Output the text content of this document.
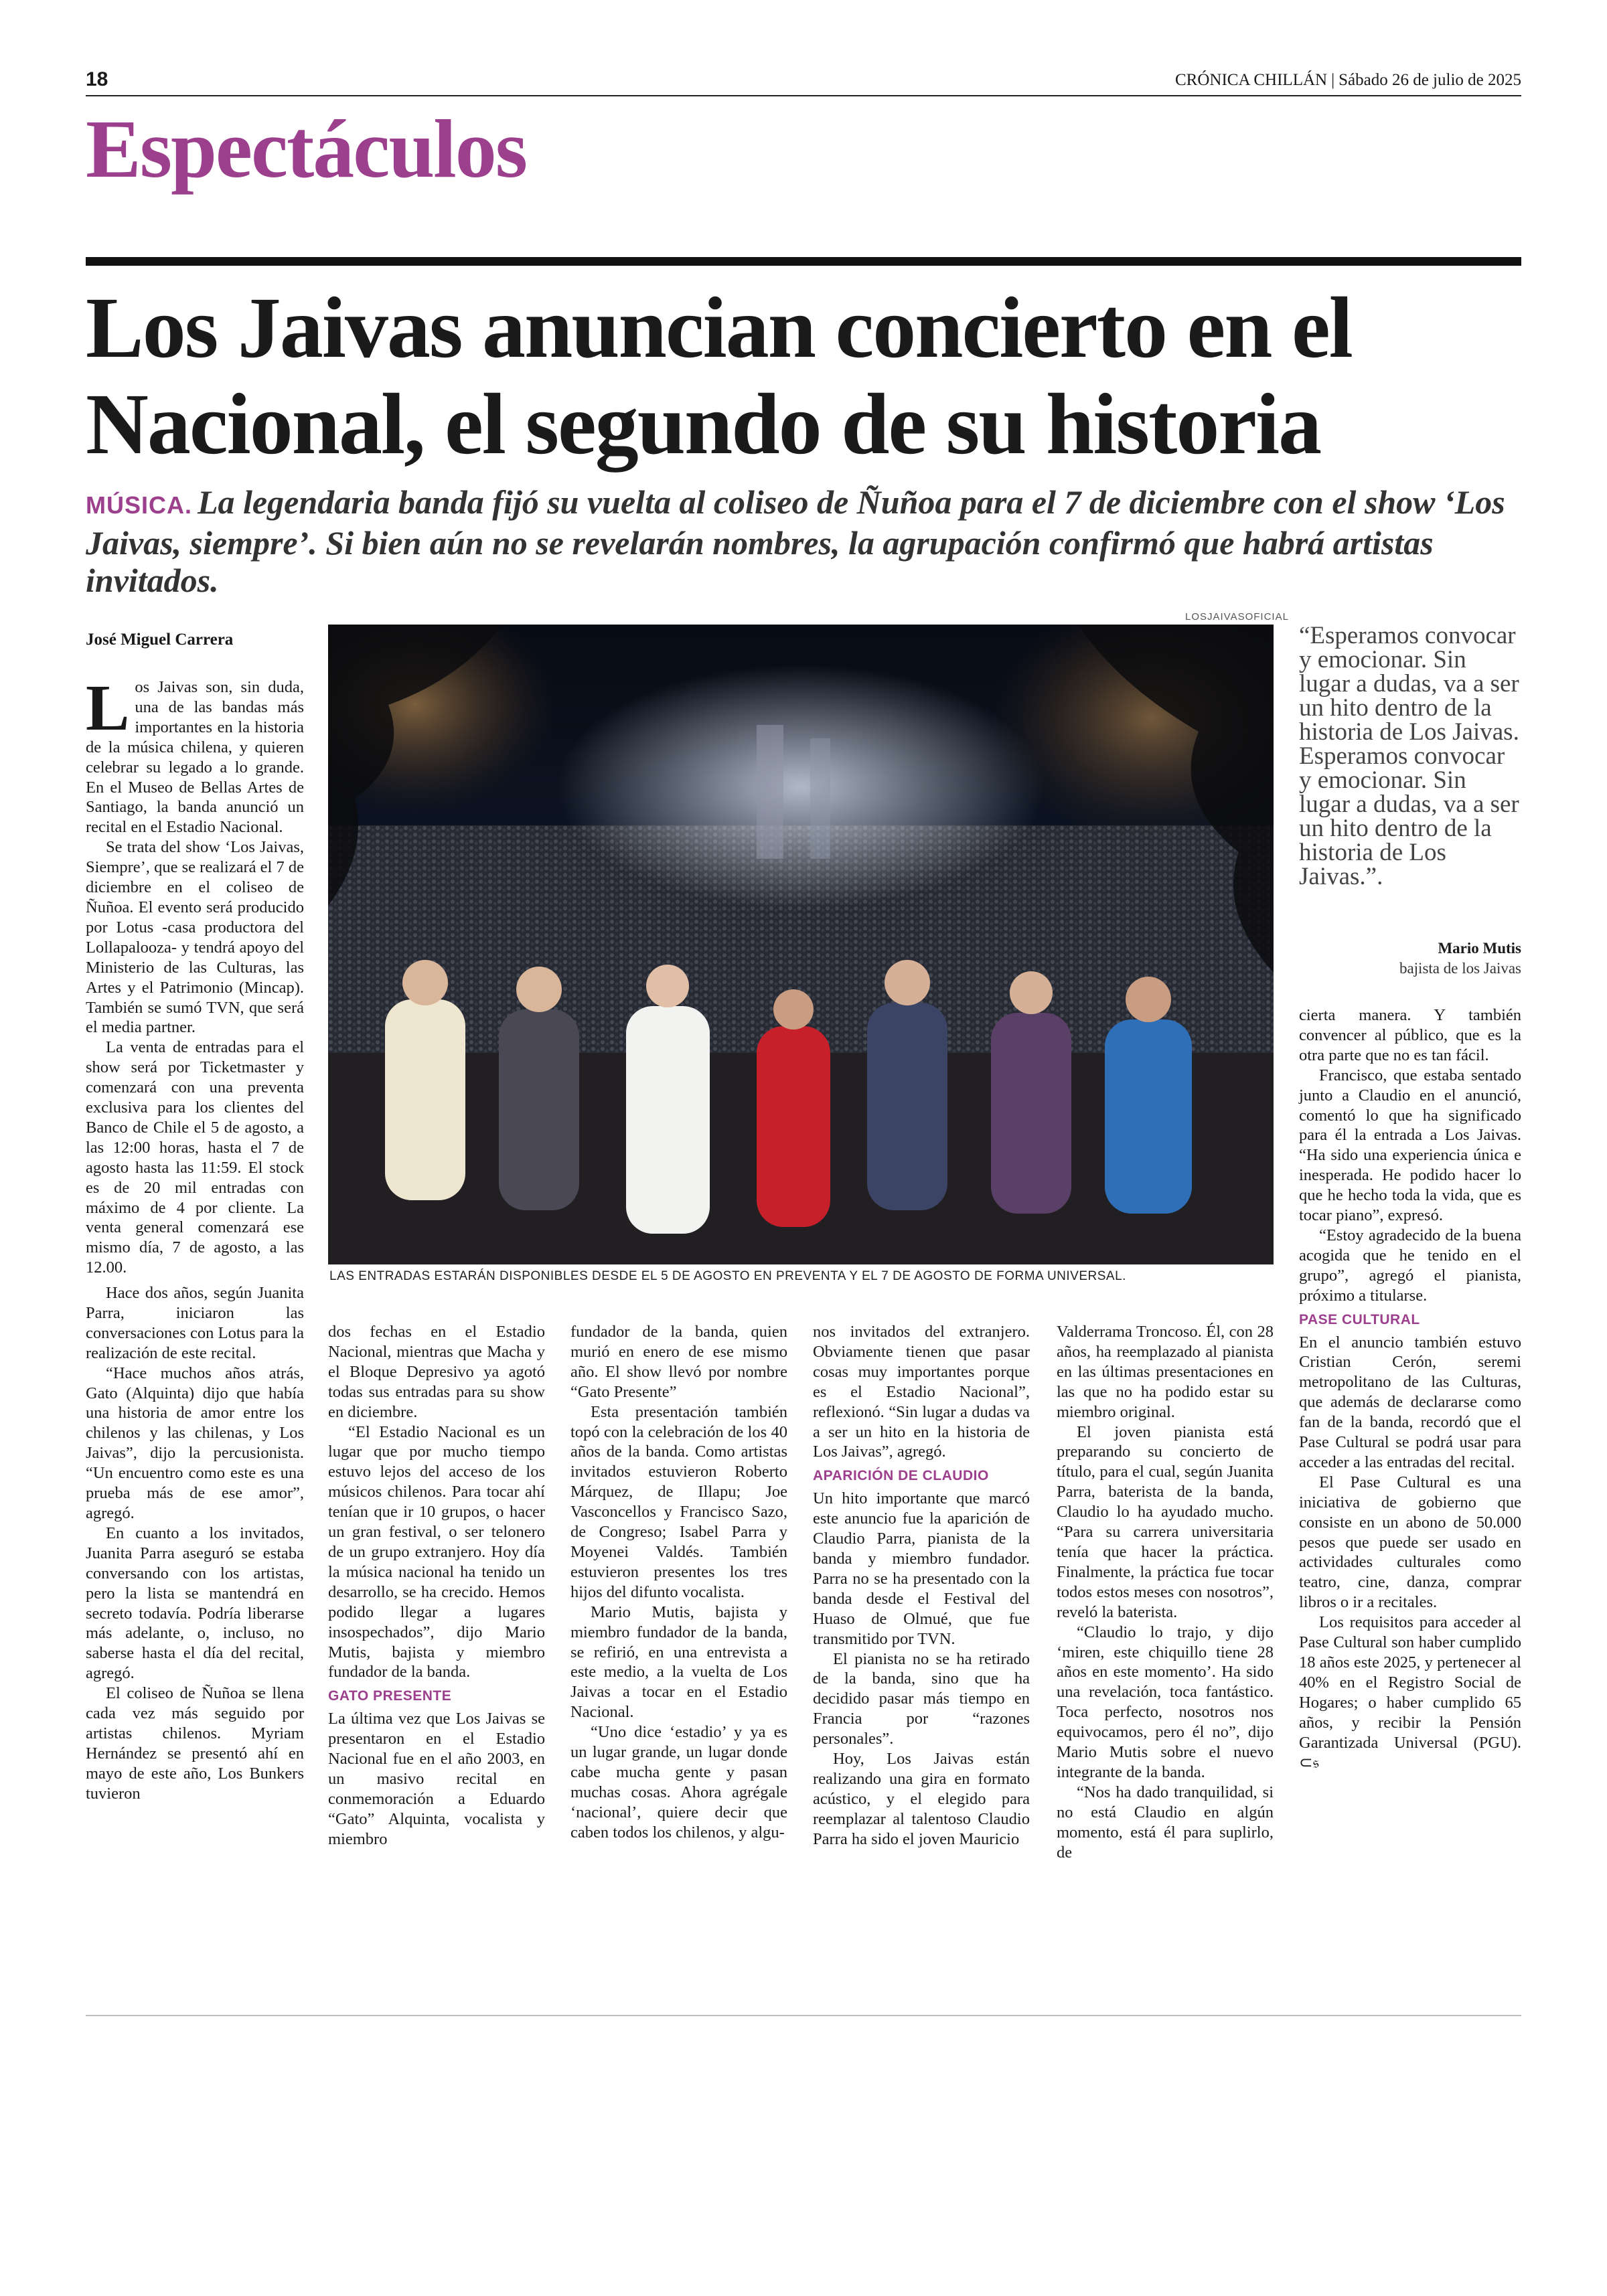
18	CRÓNICA CHILLÁN | Sábado 26 de julio de 2025
Espectáculos
Los Jaivas anuncian concierto en el Nacional, el segundo de su historia

MÚSICA. La legendaria banda fijó su vuelta al coliseo de Ñuñoa para el 7 de diciembre con el show ‘Los Jaivas, siempre’. Si bien aún no se revelarán nombres, la agrupación confirmó que habrá artistas invitados.

José Miguel Carrera
LOSJAIVASOFICIAL
LAS ENTRADAS ESTARÁN DISPONIBLES DESDE EL 5 DE AGOSTO EN PREVENTA Y EL 7 DE AGOSTO DE FORMA UNIVERSAL.

“Esperamos convocar y emocionar. Sin lugar a dudas, va a ser un hito dentro de la historia de Los Jaivas. Esperamos convocar y emocionar. Sin lugar a dudas, va a ser un hito dentro de la historia de Los Jaivas.”.

Mario Mutis
bajista de los Jaivas

Los Jaivas son, sin duda, una de las bandas más importantes en la historia de la música chilena, y quieren celebrar su legado a lo grande. En el Museo de Bellas Artes de Santiago, la banda anunció un recital en el Estadio Nacional.

Se trata del show ‘Los Jaivas, Siempre’, que se realizará el 7 de diciembre en el coliseo de Ñuñoa. El evento será producido por Lotus -casa productora del Lollapalooza- y tendrá apoyo del Ministerio de las Culturas, las Artes y el Patrimonio (Mincap). También se sumó TVN, que será el media partner.

La venta de entradas para el show será por Ticketmaster y comenzará con una preventa exclusiva para los clientes del Banco de Chile el 5 de agosto, a las 12:00 horas, hasta el 7 de agosto hasta las 11:59. El stock es de 20 mil entradas con máximo de 4 por cliente. La venta general comenzará ese mismo día, 7 de agosto, a las 12.00.

Hace dos años, según Juanita Parra, iniciaron las conversaciones con Lotus para la realización de este recital.

“Hace muchos años atrás, Gato (Alquinta) dijo que había una historia de amor entre los chilenos y las chilenas, y Los Jaivas”, dijo la percusionista. “Un encuentro como este es una prueba más de ese amor”, agregó.

En cuanto a los invitados, Juanita Parra aseguró se estaba conversando con los artistas, pero la lista se mantendrá en secreto todavía. Podría liberarse más adelante, o, incluso, no saberse hasta el día del recital, agregó.

El coliseo de Ñuñoa se llena cada vez más seguido por artistas chilenos. Myriam Hernández se presentó ahí en mayo de este año, Los Bunkers tuvieron

dos fechas en el Estadio Nacional, mientras que Macha y el Bloque Depresivo ya agotó todas sus entradas para su show en diciembre.

“El Estadio Nacional es un lugar que por mucho tiempo estuvo lejos del acceso de los músicos chilenos. Para tocar ahí tenían que ir 10 grupos, o hacer un gran festival, o ser telonero de un grupo extranjero. Hoy día la música nacional ha tenido un desarrollo, se ha crecido. Hemos podido llegar a lugares insospechados”, dijo Mario Mutis, bajista y miembro fundador de la banda.

GATO PRESENTE

La última vez que Los Jaivas se presentaron en el Estadio Nacional fue en el año 2003, en un masivo recital en conmemoración a Eduardo “Gato” Alquinta, vocalista y miembro

fundador de la banda, quien murió en enero de ese mismo año. El show llevó por nombre “Gato Presente”

Esta presentación también topó con la celebración de los 40 años de la banda. Como artistas invitados estuvieron Roberto Márquez, de Illapu; Joe Vasconcellos y Francisco Sazo, de Congreso; Isabel Parra y Moyenei Valdés. También estuvieron presentes los tres hijos del difunto vocalista.

Mario Mutis, bajista y miembro fundador de la banda, se refirió, en una entrevista a este medio, a la vuelta de Los Jaivas a tocar en el Estadio Nacional.

“Uno dice ‘estadio’ y ya es un lugar grande, un lugar donde cabe mucha gente y pasan muchas cosas. Ahora agrégale ‘nacional’, quiere decir que caben todos los chilenos, y algu-

nos invitados del extranjero. Obviamente tienen que pasar cosas muy importantes porque es el Estadio Nacional”, reflexionó. “Sin lugar a dudas va a ser un hito en la historia de Los Jaivas”, agregó.

APARICIÓN DE CLAUDIO

Un hito importante que marcó este anuncio fue la aparición de Claudio Parra, pianista de la banda y miembro fundador. Parra no se ha presentado con la banda desde el Festival del Huaso de Olmué, que fue transmitido por TVN.

El pianista no se ha retirado de la banda, sino que ha decidido pasar más tiempo en Francia por “razones personales”.

Hoy, Los Jaivas están realizando una gira en formato acústico, y el elegido para reemplazar al talentoso Claudio Parra ha sido el joven Mauricio

Valderrama Troncoso. Él, con 28 años, ha reemplazado al pianista en las últimas presentaciones en las que no ha podido estar su miembro original.

El joven pianista está preparando su concierto de título, para el cual, según Juanita Parra, baterista de la banda, Claudio lo ha ayudado mucho. “Para su carrera universitaria tenía que hacer la práctica. Finalmente, la práctica fue tocar todos estos meses con nosotros”, reveló la baterista.

“Claudio lo trajo, y dijo ‘miren, este chiquillo tiene 28 años en este momento’. Ha sido una revelación, toca fantástico. Toca perfecto, nosotros nos equivocamos, pero él no”, dijo Mario Mutis sobre el nuevo integrante de la banda.

“Nos ha dado tranquilidad, si no está Claudio en algún momento, está él para suplirlo, de

cierta manera. Y también convencer al público, que es la otra parte que no es tan fácil.

Francisco, que estaba sentado junto a Claudio en el anunció, comentó lo que ha significado para él la entrada a Los Jaivas. “Ha sido una experiencia única e inesperada. He podido hacer lo que he hecho toda la vida, que es tocar piano”, expresó.

“Estoy agradecido de la buena acogida que he tenido en el grupo”, agregó el pianista, próximo a titularse.

PASE CULTURAL

En el anuncio también estuvo Cristian Cerón, seremi metropolitano de las Culturas, que además de declararse como fan de la banda, recordó que el Pase Cultural se podrá usar para acceder a las entradas del recital.

El Pase Cultural es una iniciativa de gobierno que consiste en un abono de 50.000 pesos que puede ser usado en actividades culturales como teatro, cine, danza, comprar libros o ir a recitales.

Los requisitos para acceder al Pase Cultural son haber cumplido 18 años este 2025, y pertenecer al 40% en el Registro Social de Hogares; o haber cumplido 65 años, y recibir la Pensión Garantizada Universal (PGU). ⊂𝔰
